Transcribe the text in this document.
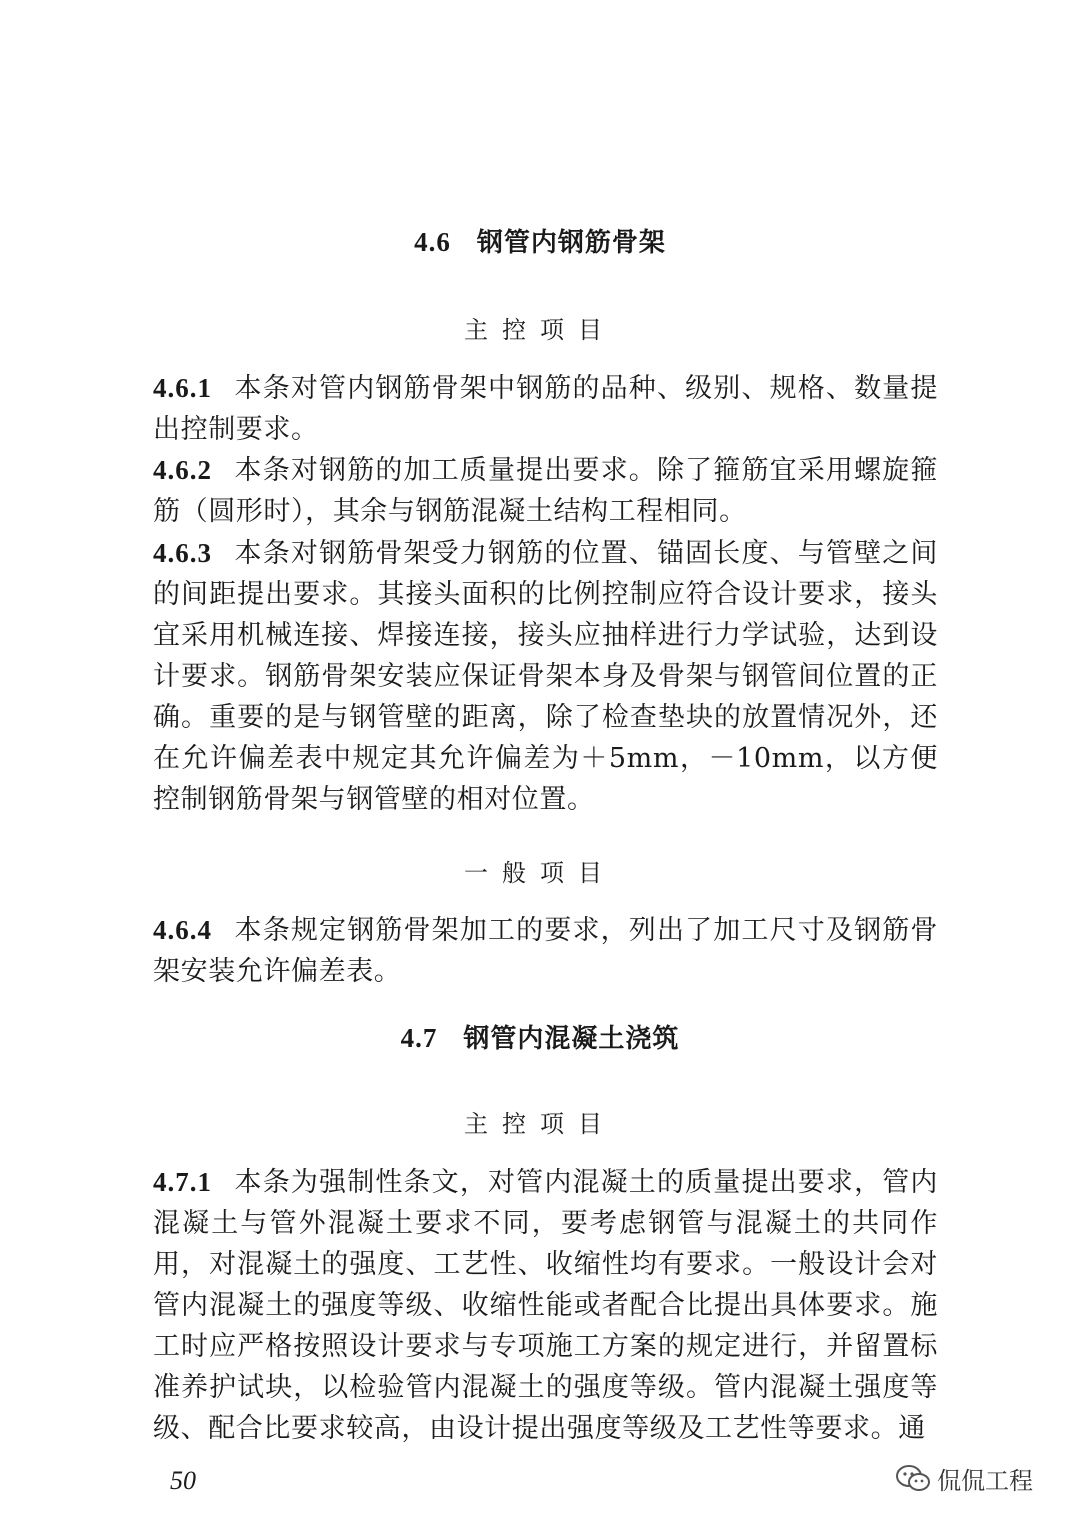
4.6 钢管内钢筋骨架
主控项目
4.6.1 本条对管内钢筋骨架中钢筋的品种、级别、规格、数量提出控制要求。
4.6.2 本条对钢筋的加工质量提出要求。除了箍筋宜采用螺旋箍筋（圆形时），其余与钢筋混凝土结构工程相同。
4.6.3 本条对钢筋骨架受力钢筋的位置、锚固长度、与管壁之间的间距提出要求。其接头面积的比例控制应符合设计要求，接头宜采用机械连接、焊接连接，接头应抽样进行力学试验，达到设计要求。钢筋骨架安装应保证骨架本身及骨架与钢管间位置的正确。重要的是与钢管壁的距离，除了检查垫块的放置情况外，还在允许偏差表中规定其允许偏差为＋5mm，－10mm，以方便控制钢筋骨架与钢管壁的相对位置。
一般项目
4.6.4 本条规定钢筋骨架加工的要求，列出了加工尺寸及钢筋骨架安装允许偏差表。
4.7 钢管内混凝土浇筑
主控项目
4.7.1 本条为强制性条文，对管内混凝土的质量提出要求，管内混凝土与管外混凝土要求不同，要考虑钢管与混凝土的共同作用，对混凝土的强度、工艺性、收缩性均有要求。一般设计会对管内混凝土的强度等级、收缩性能或者配合比提出具体要求。施工时应严格按照设计要求与专项施工方案的规定进行，并留置标准养护试块，以检验管内混凝土的强度等级。管内混凝土强度等级、配合比要求较高，由设计提出强度等级及工艺性等要求。通
50	侃侃工程
